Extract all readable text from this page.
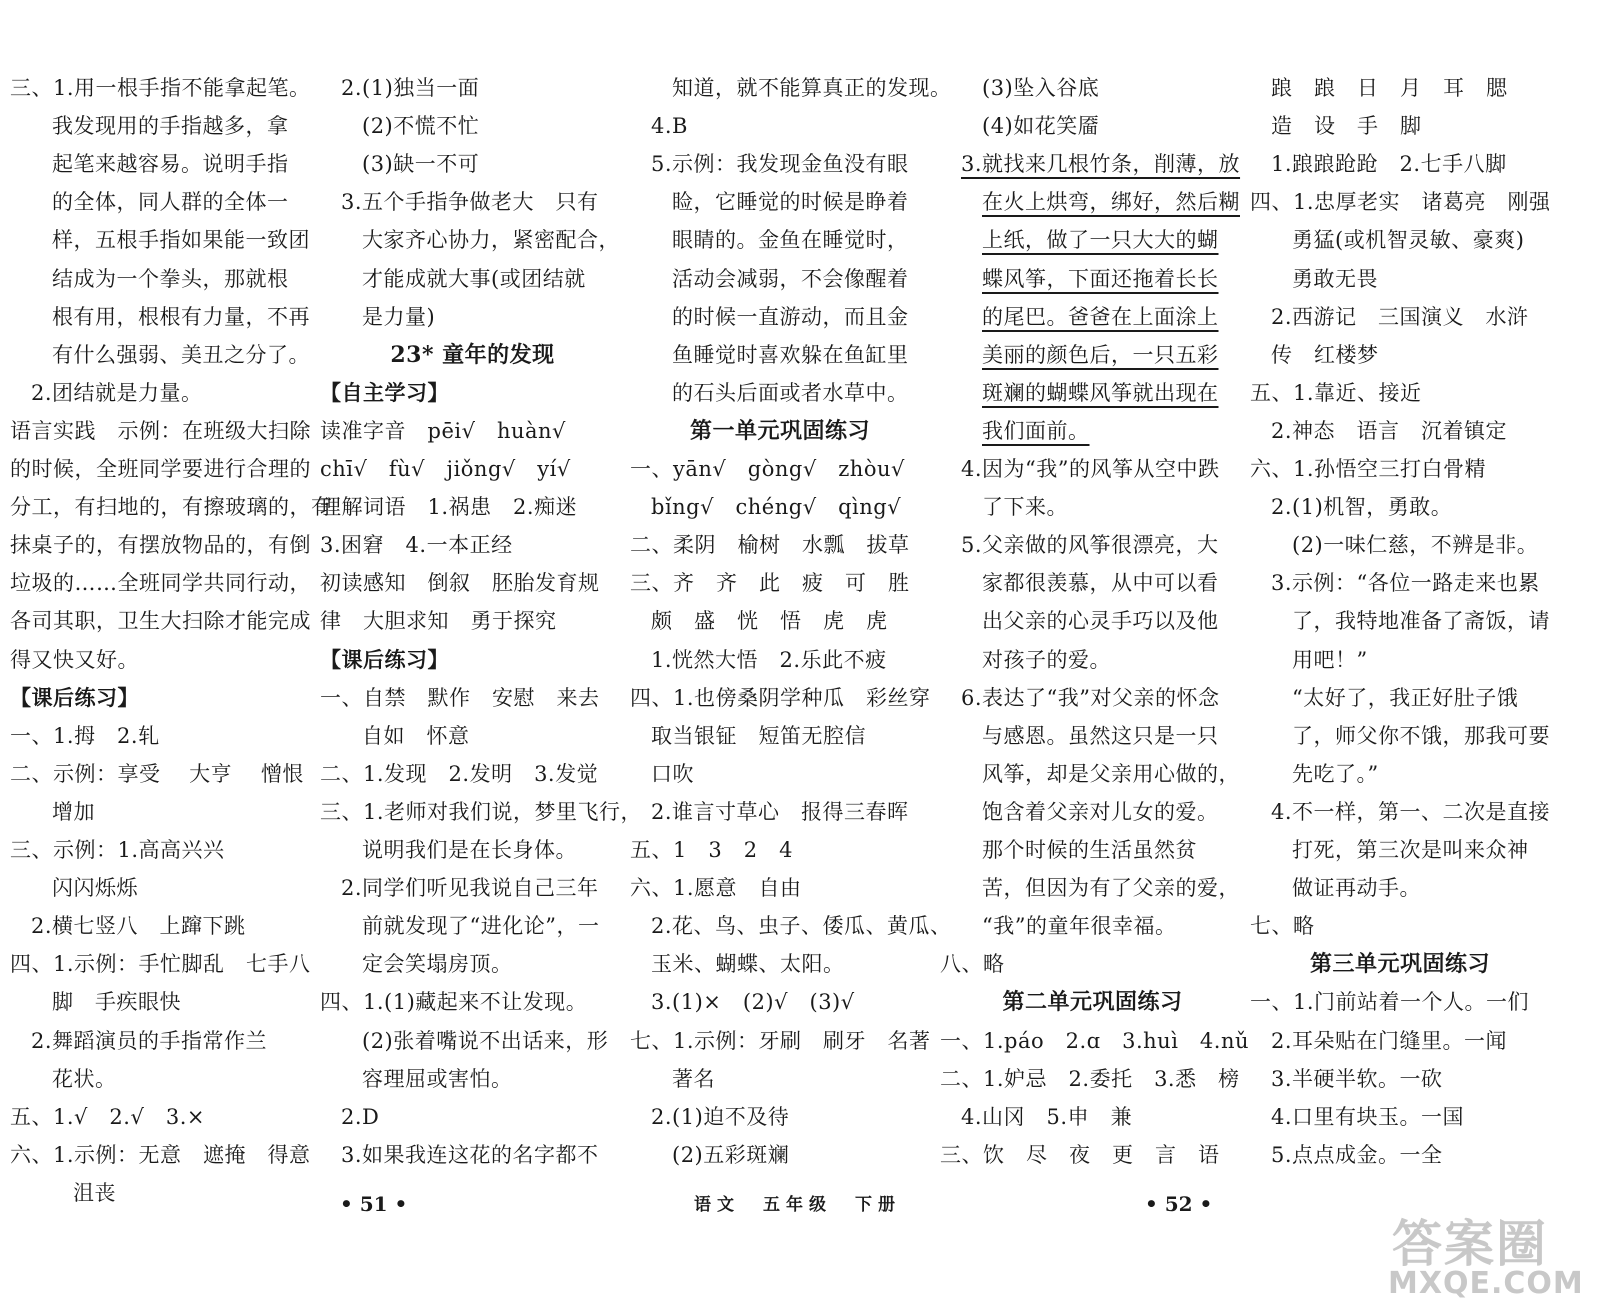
三、1.用一根手指不能拿起笔。
我发现用的手指越多，拿
起笔来越容易。说明手指
的全体，同人群的全体一
样，五根手指如果能一致团
结成为一个拳头，那就根
根有用，根根有力量，不再
有什么强弱、美丑之分了。
2.团结就是力量。
语言实践　示例：在班级大扫除
的时候，全班同学要进行合理的
分工，有扫地的，有擦玻璃的，有
抹桌子的，有摆放物品的，有倒
垃圾的……全班同学共同行动，
各司其职，卫生大扫除才能完成
得又快又好。
【课后练习】
一、1.拇　2.轧
二、示例：享受　 大亨　 憎恨
增加
三、示例：1.高高兴兴
闪闪烁烁
2.横七竖八　上蹿下跳
四、1.示例：手忙脚乱　七手八
脚　手疾眼快
2.舞蹈演员的手指常作兰
花状。
五、1.√　2.√　3.×
六、1.示例：无意　遮掩　得意
沮丧
2.(1)独当一面
(2)不慌不忙
(3)缺一不可
3.五个手指争做老大　只有
大家齐心协力，紧密配合，
才能成就大事(或团结就
是力量)
23* 童年的发现
【自主学习】
读准字音　pēi√　huàn√
chī√　fù√　jiǒng√　yí√
理解词语　1.祸患　2.痴迷
3.困窘　4.一本正经
初读感知　倒叙　胚胎发育规
律　大胆求知　勇于探究
【课后练习】
一、自禁　默作　安慰　来去
自如　怀意
二、1.发现　2.发明　3.发觉
三、1.老师对我们说，梦里飞行，
说明我们是在长身体。
2.同学们听见我说自己三年
前就发现了“进化论”，一
定会笑塌房顶。
四、1.(1)藏起来不让发现。
(2)张着嘴说不出话来，形
容理屈或害怕。
2.D
3.如果我连这花的名字都不
知道，就不能算真正的发现。
4.B
5.示例：我发现金鱼没有眼
睑，它睡觉的时候是睁着
眼睛的。金鱼在睡觉时，
活动会减弱，不会像醒着
的时候一直游动，而且金
鱼睡觉时喜欢躲在鱼缸里
的石头后面或者水草中。
第一单元巩固练习
一、yān√　gòng√　zhòu√
bǐng√　chéng√　qìng√
二、柔阴　榆树　水瓢　拔草
三、齐　齐　此　疲　可　胜
颇　盛　恍　悟　虎　虎
1.恍然大悟　2.乐此不疲
四、1.也傍桑阴学种瓜　彩丝穿
取当银钲　短笛无腔信
口吹
2.谁言寸草心　报得三春晖
五、1　3　2　4
六、1.愿意　自由
2.花、鸟、虫子、倭瓜、黄瓜、
玉米、蝴蝶、太阳。
3.(1)×　(2)√　(3)√
七、1.示例：牙刷　刷牙　名著
著名
2.(1)迫不及待
(2)五彩斑斓
(3)坠入谷底
(4)如花笑靥
3.就找来几根竹条，削薄，放
在火上烘弯，绑好，然后糊
上纸，做了一只大大的蝴
蝶风筝，下面还拖着长长
的尾巴。爸爸在上面涂上
美丽的颜色后，一只五彩
斑斓的蝴蝶风筝就出现在
我们面前。
4.因为“我”的风筝从空中跌
了下来。
5.父亲做的风筝很漂亮，大
家都很羡慕，从中可以看
出父亲的心灵手巧以及他
对孩子的爱。
6.表达了“我”对父亲的怀念
与感恩。虽然这只是一只
风筝，却是父亲用心做的，
饱含着父亲对儿女的爱。
那个时候的生活虽然贫
苦，但因为有了父亲的爱，
“我”的童年很幸福。
八、略
第二单元巩固练习
一、1.páo　2.ɑ　3.huì　4.nǔ
二、1.妒忌　2.委托　3.悉　榜
4.山冈　5.申　兼
三、饮　尽　夜　更　言　语
踉　踉　日　月　耳　腮
造　设　手　脚
1.踉踉跄跄　2.七手八脚
四、1.忠厚老实　诸葛亮　刚强
勇猛(或机智灵敏、豪爽)
勇敢无畏
2.西游记　三国演义　水浒
传　红楼梦
五、1.靠近、接近
2.神态　语言　沉着镇定
六、1.孙悟空三打白骨精
2.(1)机智，勇敢。
(2)一味仁慈，不辨是非。
3.示例：“各位一路走来也累
了，我特地准备了斋饭，请
用吧！”
“太好了，我正好肚子饿
了，师父你不饿，那我可要
先吃了。”
4.不一样，第一、二次是直接
打死，第三次是叫来众神
做证再动手。
七、略
第三单元巩固练习
一、1.门前站着一个人。一们
2.耳朵贴在门缝里。一闻
3.半硬半软。一砍
4.口里有块玉。一国
5.点点成金。一全
• 51 •	语文　五年级　下册	• 52 •
答案圈
MXQE.COM
